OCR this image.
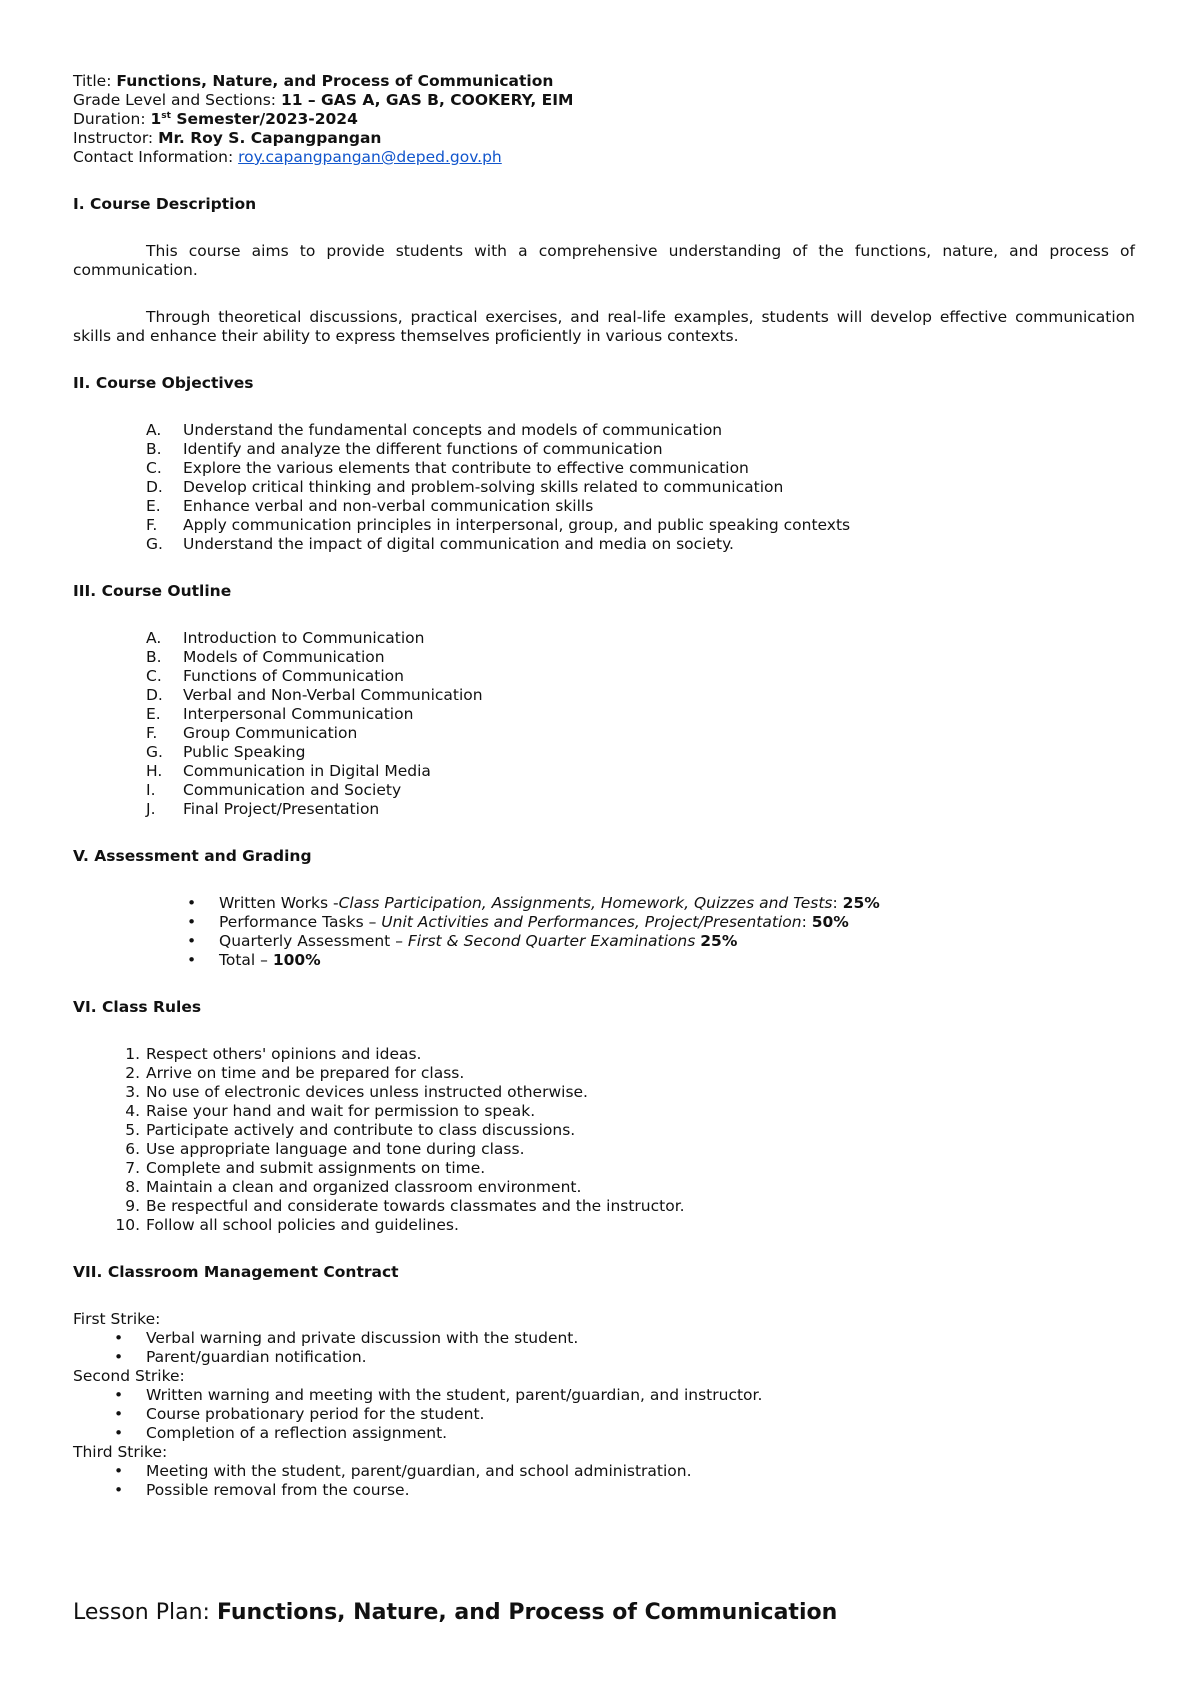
Title: Functions, Nature, and Process of Communication
Grade Level and Sections: 11 – GAS A, GAS B, COOKERY, EIM
Duration: 1st Semester/2023-2024
Instructor: Mr. Roy S. Capangpangan
Contact Information: roy.capangpangan@deped.gov.ph
I. Course Description
This course aims to provide students with a comprehensive understanding of the functions, nature, and process of communication.
Through theoretical discussions, practical exercises, and real-life examples, students will develop effective communication skills and enhance their ability to express themselves proficiently in various contexts.
II. Course Objectives
A. Understand the fundamental concepts and models of communication
B. Identify and analyze the different functions of communication
C. Explore the various elements that contribute to effective communication
D. Develop critical thinking and problem-solving skills related to communication
E. Enhance verbal and non-verbal communication skills
F. Apply communication principles in interpersonal, group, and public speaking contexts
G. Understand the impact of digital communication and media on society.
III. Course Outline
A. Introduction to Communication
B. Models of Communication
C. Functions of Communication
D. Verbal and Non-Verbal Communication
E. Interpersonal Communication
F. Group Communication
G. Public Speaking
H. Communication in Digital Media
I. Communication and Society
J. Final Project/Presentation
V. Assessment and Grading
• Written Works -Class Participation, Assignments, Homework, Quizzes and Tests: 25%
• Performance Tasks – Unit Activities and Performances, Project/Presentation: 50%
• Quarterly Assessment – First & Second Quarter Examinations 25%
• Total – 100%
VI. Class Rules
1. Respect others' opinions and ideas.
2. Arrive on time and be prepared for class.
3. No use of electronic devices unless instructed otherwise.
4. Raise your hand and wait for permission to speak.
5. Participate actively and contribute to class discussions.
6. Use appropriate language and tone during class.
7. Complete and submit assignments on time.
8. Maintain a clean and organized classroom environment.
9. Be respectful and considerate towards classmates and the instructor.
10. Follow all school policies and guidelines.
VII. Classroom Management Contract
First Strike:
• Verbal warning and private discussion with the student.
• Parent/guardian notification.
Second Strike:
• Written warning and meeting with the student, parent/guardian, and instructor.
• Course probationary period for the student.
• Completion of a reflection assignment.
Third Strike:
• Meeting with the student, parent/guardian, and school administration.
• Possible removal from the course.
Lesson Plan: Functions, Nature, and Process of Communication
